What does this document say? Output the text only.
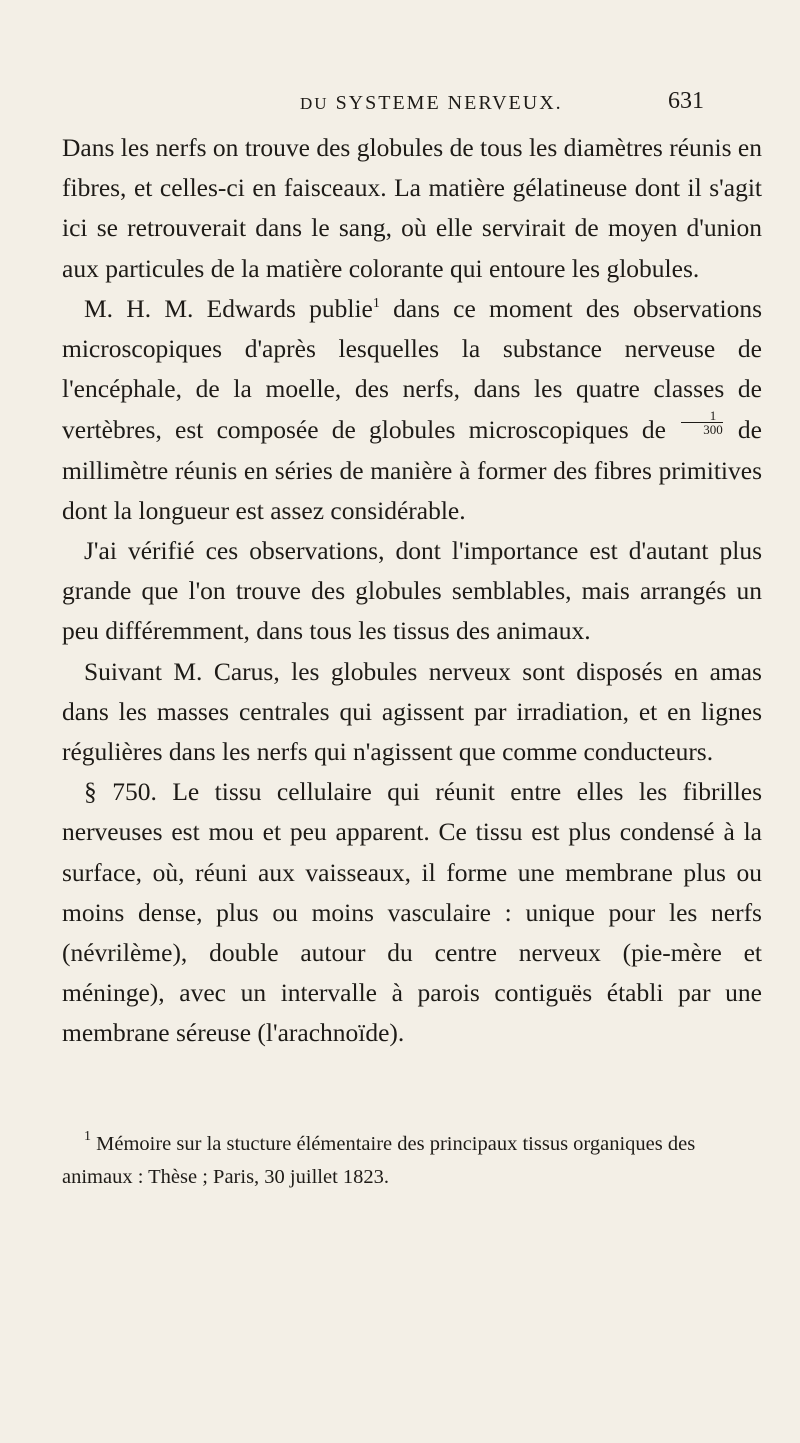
DU SYSTEME NERVEUX.	631

Dans les nerfs on trouve des globules de tous les diamètres réunis en fibres, et celles-ci en faisceaux. La matière gélatineuse dont il s'agit ici se retrouverait dans le sang, où elle servirait de moyen d'union aux particules de la matière colorante qui entoure les globules.

M. H. M. Edwards publie$^1$ dans ce moment des observations microscopiques d'après lesquelles la substance nerveuse de l'encéphale, de la moelle, des nerfs, dans les quatre classes de vertèbres, est composée de globules microscopiques de $\frac{1}{300}$ de millimètre réunis en séries de manière à former des fibres primitives dont la longueur est assez considérable.

J'ai vérifié ces observations, dont l'importance est d'autant plus grande que l'on trouve des globules semblables, mais arrangés un peu différemment, dans tous les tissus des animaux.

Suivant M. Carus, les globules nerveux sont disposés en amas dans les masses centrales qui agissent par irradiation, et en lignes régulières dans les nerfs qui n'agissent que comme conducteurs.

§ 750. Le tissu cellulaire qui réunit entre elles les fibrilles nerveuses est mou et peu apparent. Ce tissu est plus condensé à la surface, où, réuni aux vaisseaux, il forme une membrane plus ou moins dense, plus ou moins vasculaire : unique pour les nerfs (névrilème), double autour du centre nerveux (pie-mère et méninge), avec un intervalle à parois contiguës établi par une membrane séreuse (l'arachnoïde).

$^1$ Mémoire sur la stucture élémentaire des principaux tissus organiques des animaux : Thèse ; Paris, 30 juillet 1823.
